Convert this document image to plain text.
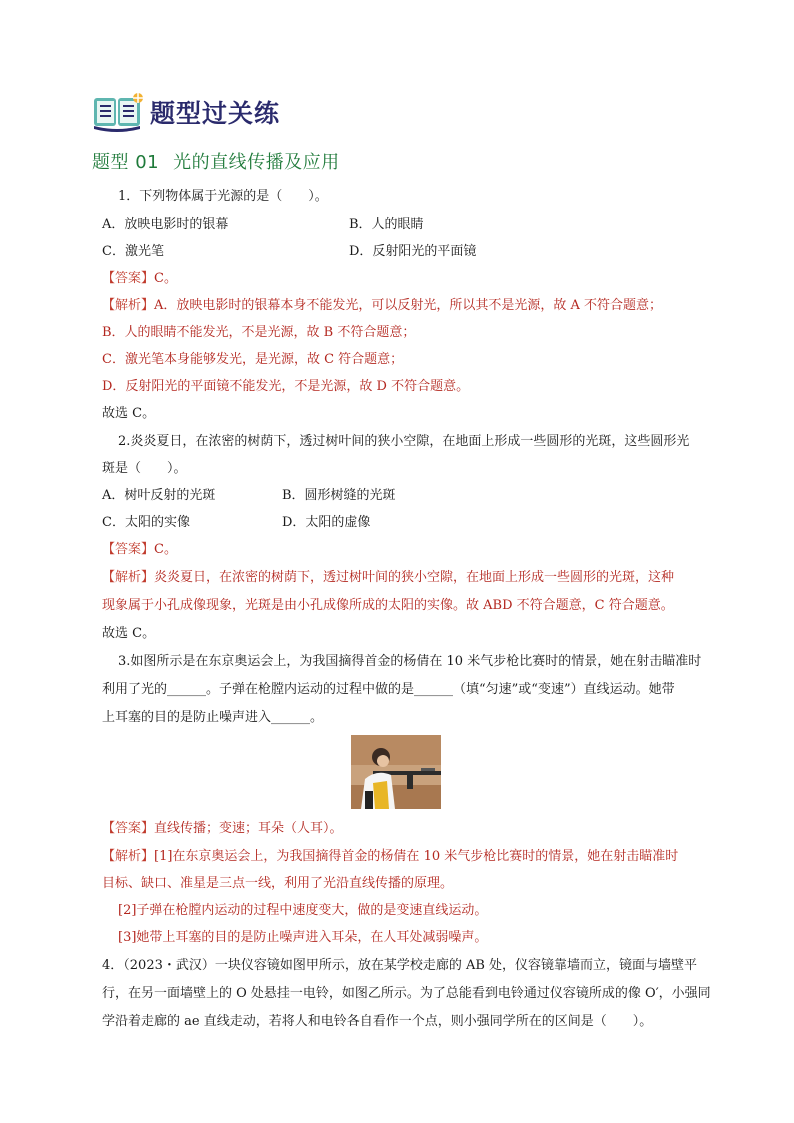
题型过关练
题型 01 光的直线传播及应用
1．下列物体属于光源的是（　　）。
A．放映电影时的银幕	B．人的眼睛
C．激光笔	D．反射阳光的平面镜
【答案】C。
【解析】A．放映电影时的银幕本身不能发光，可以反射光，所以其不是光源，故 A 不符合题意；
B．人的眼睛不能发光，不是光源，故 B 不符合题意；
C．激光笔本身能够发光，是光源，故 C 符合题意；
D．反射阳光的平面镜不能发光，不是光源，故 D 不符合题意。
故选 C。
2.炎炎夏日，在浓密的树荫下，透过树叶间的狭小空隙，在地面上形成一些圆形的光斑，这些圆形光
斑是（　　）。
A．树叶反射的光斑	B．圆形树缝的光斑
C．太阳的实像	D．太阳的虚像
【答案】C。
【解析】炎炎夏日，在浓密的树荫下，透过树叶间的狭小空隙，在地面上形成一些圆形的光斑，这种
现象属于小孔成像现象，光斑是由小孔成像所成的太阳的实像。故 ABD 不符合题意，C 符合题意。
故选 C。
3.如图所示是在东京奥运会上，为我国摘得首金的杨倩在 10 米气步枪比赛时的情景，她在射击瞄准时
利用了光的______。子弹在枪膛内运动的过程中做的是______（填“匀速”或“变速”）直线运动。她带
上耳塞的目的是防止噪声进入______。
【答案】直线传播；变速；耳朵（人耳）。
【解析】[1]在东京奥运会上，为我国摘得首金的杨倩在 10 米气步枪比赛时的情景，她在射击瞄准时
目标、缺口、准星是三点一线，利用了光沿直线传播的原理。
[2]子弹在枪膛内运动的过程中速度变大，做的是变速直线运动。
[3]她带上耳塞的目的是防止噪声进入耳朵，在人耳处减弱噪声。
4．（2023・武汉）一块仪容镜如图甲所示，放在某学校走廊的 AB 处，仪容镜靠墙而立，镜面与墙壁平
行，在另一面墙壁上的 O 处悬挂一电铃，如图乙所示。为了总能看到电铃通过仪容镜所成的像 O′，小强同
学沿着走廊的 ae 直线走动，若将人和电铃各自看作一个点，则小强同学所在的区间是（　　）。
